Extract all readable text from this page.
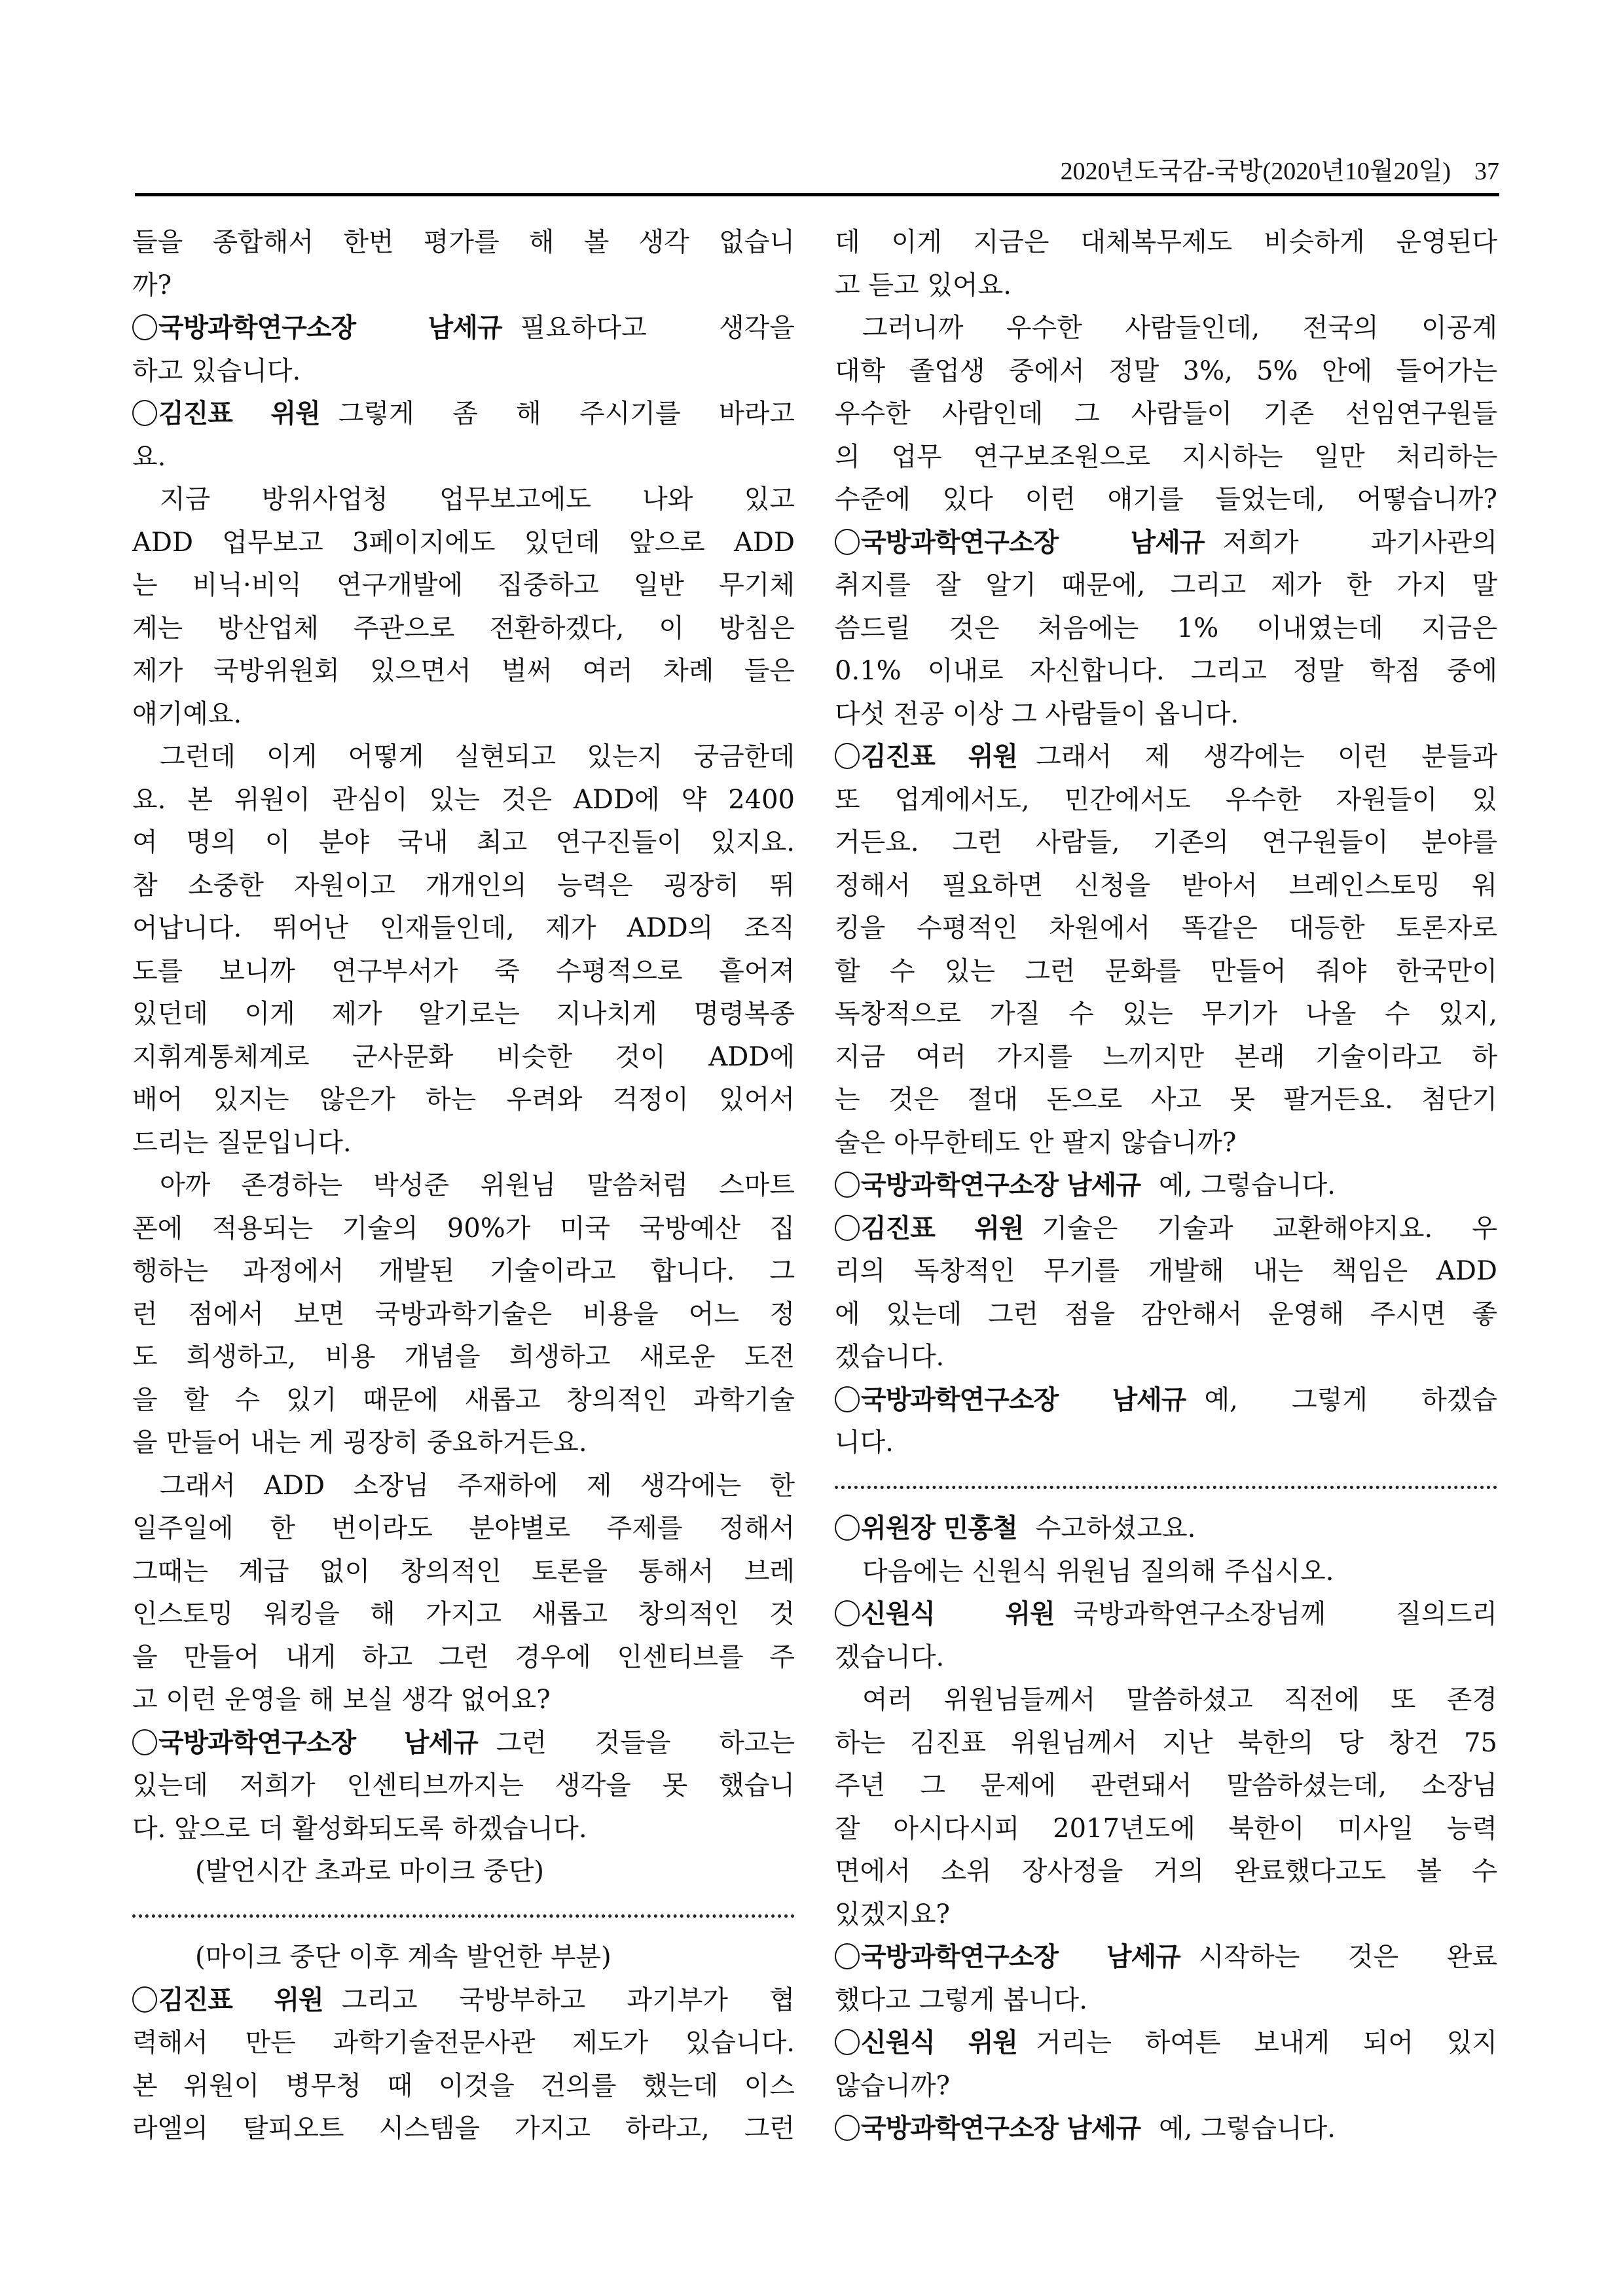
2020년도국감-국방(2020년10월20일) 37
들을 종합해서 한번 평가를 해 볼 생각 없습니
까?
국방과학연구소장 남세규 필요하다고 생각을
하고 있습니다.
김진표 위원 그렇게 좀 해 주시기를 바라고
요.
지금 방위사업청 업무보고에도 나와 있고
ADD 업무보고 3페이지에도 있던데 앞으로 ADD
는 비닉·비익 연구개발에 집중하고 일반 무기체
계는 방산업체 주관으로 전환하겠다, 이 방침은
제가 국방위원회 있으면서 벌써 여러 차례 들은
얘기예요.
그런데 이게 어떻게 실현되고 있는지 궁금한데
요. 본 위원이 관심이 있는 것은 ADD에 약 2400
여 명의 이 분야 국내 최고 연구진들이 있지요.
참 소중한 자원이고 개개인의 능력은 굉장히 뛰
어납니다. 뛰어난 인재들인데, 제가 ADD의 조직
도를 보니까 연구부서가 죽 수평적으로 흩어져
있던데 이게 제가 알기로는 지나치게 명령복종
지휘계통체계로 군사문화 비슷한 것이 ADD에
배어 있지는 않은가 하는 우려와 걱정이 있어서
드리는 질문입니다.
아까 존경하는 박성준 위원님 말씀처럼 스마트
폰에 적용되는 기술의 90%가 미국 국방예산 집
행하는 과정에서 개발된 기술이라고 합니다. 그
런 점에서 보면 국방과학기술은 비용을 어느 정
도 희생하고, 비용 개념을 희생하고 새로운 도전
을 할 수 있기 때문에 새롭고 창의적인 과학기술
을 만들어 내는 게 굉장히 중요하거든요.
그래서 ADD 소장님 주재하에 제 생각에는 한
일주일에 한 번이라도 분야별로 주제를 정해서
그때는 계급 없이 창의적인 토론을 통해서 브레
인스토밍 워킹을 해 가지고 새롭고 창의적인 것
을 만들어 내게 하고 그런 경우에 인센티브를 주
고 이런 운영을 해 보실 생각 없어요?
국방과학연구소장 남세규 그런 것들을 하고는
있는데 저희가 인센티브까지는 생각을 못 했습니
다. 앞으로 더 활성화되도록 하겠습니다.
(발언시간 초과로 마이크 중단)
(마이크 중단 이후 계속 발언한 부분)
김진표 위원 그리고 국방부하고 과기부가 협
력해서 만든 과학기술전문사관 제도가 있습니다.
본 위원이 병무청 때 이것을 건의를 했는데 이스
라엘의 탈피오트 시스템을 가지고 하라고, 그런
데 이게 지금은 대체복무제도 비슷하게 운영된다
고 듣고 있어요.
그러니까 우수한 사람들인데, 전국의 이공계
대학 졸업생 중에서 정말 3%, 5% 안에 들어가는
우수한 사람인데 그 사람들이 기존 선임연구원들
의 업무 연구보조원으로 지시하는 일만 처리하는
수준에 있다 이런 얘기를 들었는데, 어떻습니까?
국방과학연구소장 남세규 저희가 과기사관의
취지를 잘 알기 때문에, 그리고 제가 한 가지 말
씀드릴 것은 처음에는 1% 이내였는데 지금은
0.1% 이내로 자신합니다. 그리고 정말 학점 중에
다섯 전공 이상 그 사람들이 옵니다.
김진표 위원 그래서 제 생각에는 이런 분들과
또 업계에서도, 민간에서도 우수한 자원들이 있
거든요. 그런 사람들, 기존의 연구원들이 분야를
정해서 필요하면 신청을 받아서 브레인스토밍 워
킹을 수평적인 차원에서 똑같은 대등한 토론자로
할 수 있는 그런 문화를 만들어 줘야 한국만이
독창적으로 가질 수 있는 무기가 나올 수 있지,
지금 여러 가지를 느끼지만 본래 기술이라고 하
는 것은 절대 돈으로 사고 못 팔거든요. 첨단기
술은 아무한테도 안 팔지 않습니까?
국방과학연구소장 남세규 예, 그렇습니다.
김진표 위원 기술은 기술과 교환해야지요. 우
리의 독창적인 무기를 개발해 내는 책임은 ADD
에 있는데 그런 점을 감안해서 운영해 주시면 좋
겠습니다.
국방과학연구소장 남세규 예, 그렇게 하겠습
니다.
위원장 민홍철 수고하셨고요.
다음에는 신원식 위원님 질의해 주십시오.
신원식 위원 국방과학연구소장님께 질의드리
겠습니다.
여러 위원님들께서 말씀하셨고 직전에 또 존경
하는 김진표 위원님께서 지난 북한의 당 창건 75
주년 그 문제에 관련돼서 말씀하셨는데, 소장님
잘 아시다시피 2017년도에 북한이 미사일 능력
면에서 소위 장사정을 거의 완료했다고도 볼 수
있겠지요?
국방과학연구소장 남세규 시작하는 것은 완료
했다고 그렇게 봅니다.
신원식 위원 거리는 하여튼 보내게 되어 있지
않습니까?
국방과학연구소장 남세규 예, 그렇습니다.
